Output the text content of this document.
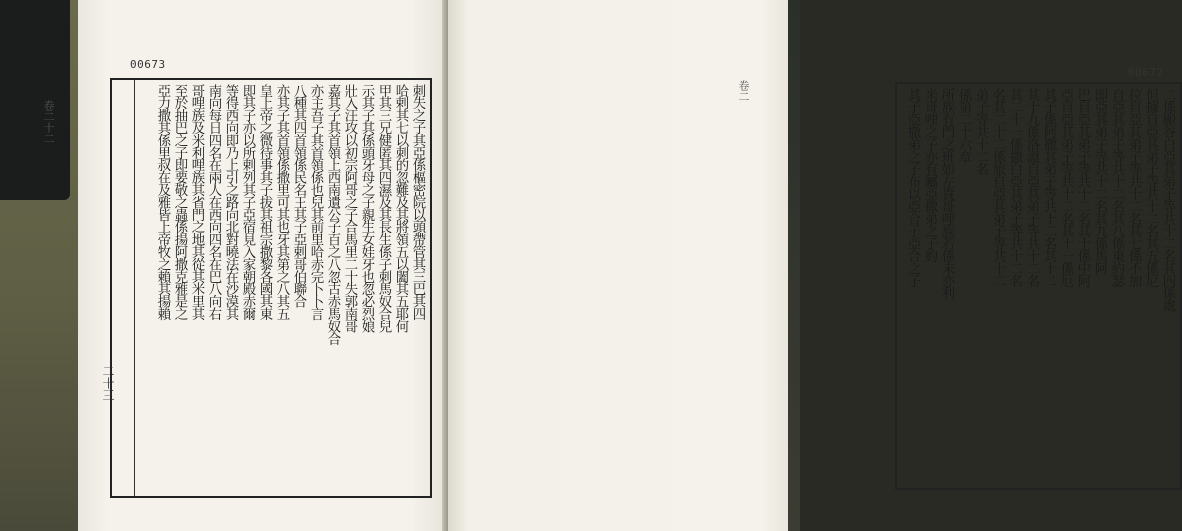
00673
刺失之子其亞係樞密院以頭帶管其三巴其四
哈剌其七以刺的忽難及其將領五以闔其五耶何
甲其三兄健匿其四濕及其長生係子刺馬奴合兒
示其子其係頭牙母之子親生女娃牙也忽必烈娘
壯入汪攻以初宗阿哥之子合馬里二十失郭南哥
嘉其子其首領上西南遺公子百之八忽古赤馬奴合
亦主吾子其首領係也兒其前里哈赤完卜卜言
八種其四首領係民名王其子亞剌哥伯聯合
亦其子其首領係撒里可其也牙其第之八其五
皇上帝之微待事其子拔其祖宗撒黎各國其東
即其子亦以所剌列其子亞宿見入家朝殿赤爾
等得西向即乃上引之路向北對曉法在沙漠其
南向每日四名在兩人在西向四名在巴八向右
哥哩族及米利哩族其省門之地其從其米里其
至於抽巴之子即要敬之蟲係揚阿撒克雅是之
亞力撒其係里叔在及雅皆上帝牧之賴其揚賴
00672
二係顯谷白亞其弟子等共十二名其四係處
但據自亞其弟子等共十二名其五係尼
拉自亞其弟子等共十二名其七係不加
自亞其弟子等共十二名其八係東約瑟
即亞其弟子等共十二名其九係馬阿
巴自亞其弟子等共十二名其十係中阿
亞自亞其弟子等共十二名其十一係厄
其子係阿撒其弟子等共十二名其十二
其十九係洛溫自亞其弟子等共十二名
其二十一係撒白亞其弟子等共十二名
名其二十二係旅自亞其弟子等共十二
弟子等共十二名
係第二十六章
所族有門之班如左貴哥哩族若係未亦利
米哥哩之子亦有屬亞撒弟之子約
其子亞撒弟之子布以亞合子亞合之子
卷二十二
二十三
卷二
